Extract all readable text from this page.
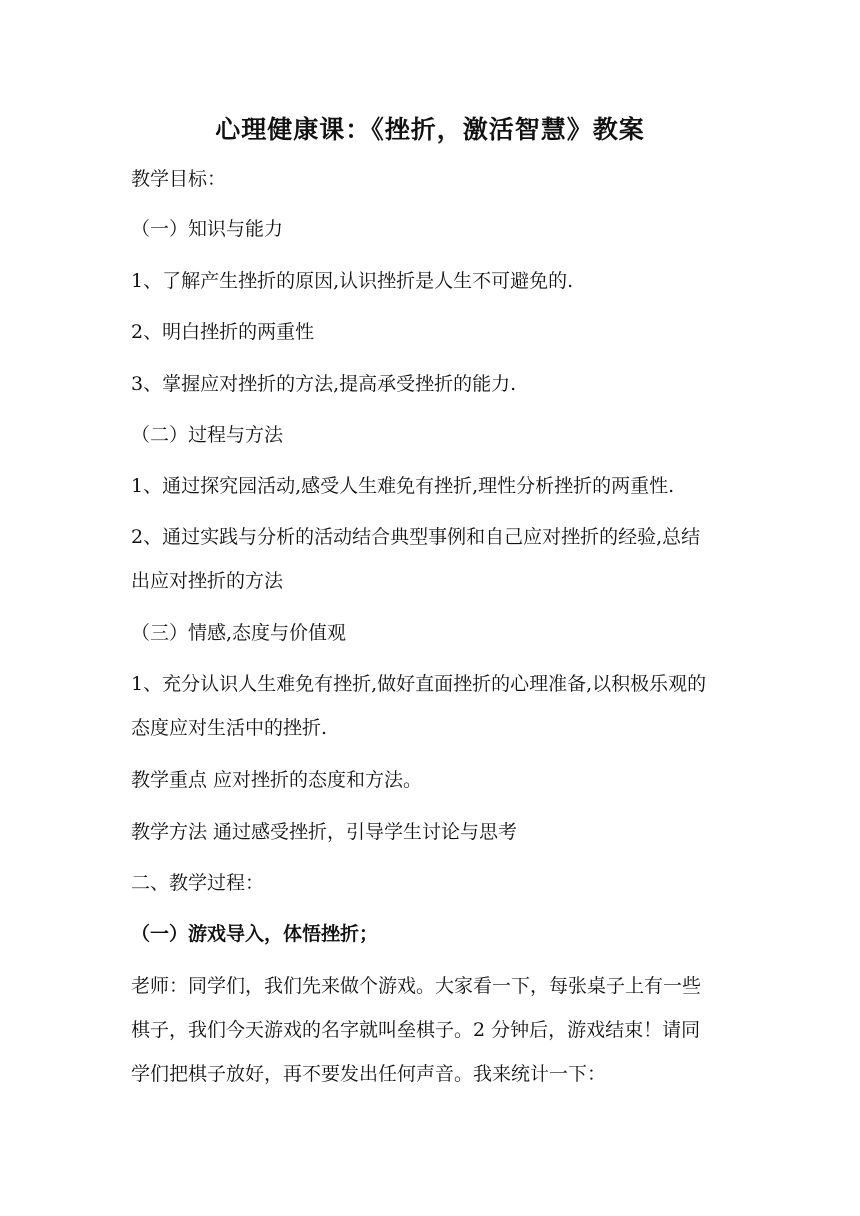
心理健康课：《挫折，激活智慧》教案
教学目标：
（一）知识与能力
1、了解产生挫折的原因,认识挫折是人生不可避免的.
2、明白挫折的两重性
3、掌握应对挫折的方法,提高承受挫折的能力.
（二）过程与方法
1、通过探究园活动,感受人生难免有挫折,理性分析挫折的两重性.
2、通过实践与分析的活动结合典型事例和自己应对挫折的经验,总结
出应对挫折的方法
（三）情感,态度与价值观
1、充分认识人生难免有挫折,做好直面挫折的心理准备,以积极乐观的
态度应对生活中的挫折.
教学重点 应对挫折的态度和方法。
教学方法 通过感受挫折，引导学生讨论与思考
二、教学过程：
（一）游戏导入，体悟挫折；
老师：同学们，我们先来做个游戏。大家看一下，每张桌子上有一些
棋子，我们今天游戏的名字就叫垒棋子。2 分钟后，游戏结束！请同
学们把棋子放好，再不要发出任何声音。我来统计一下：
